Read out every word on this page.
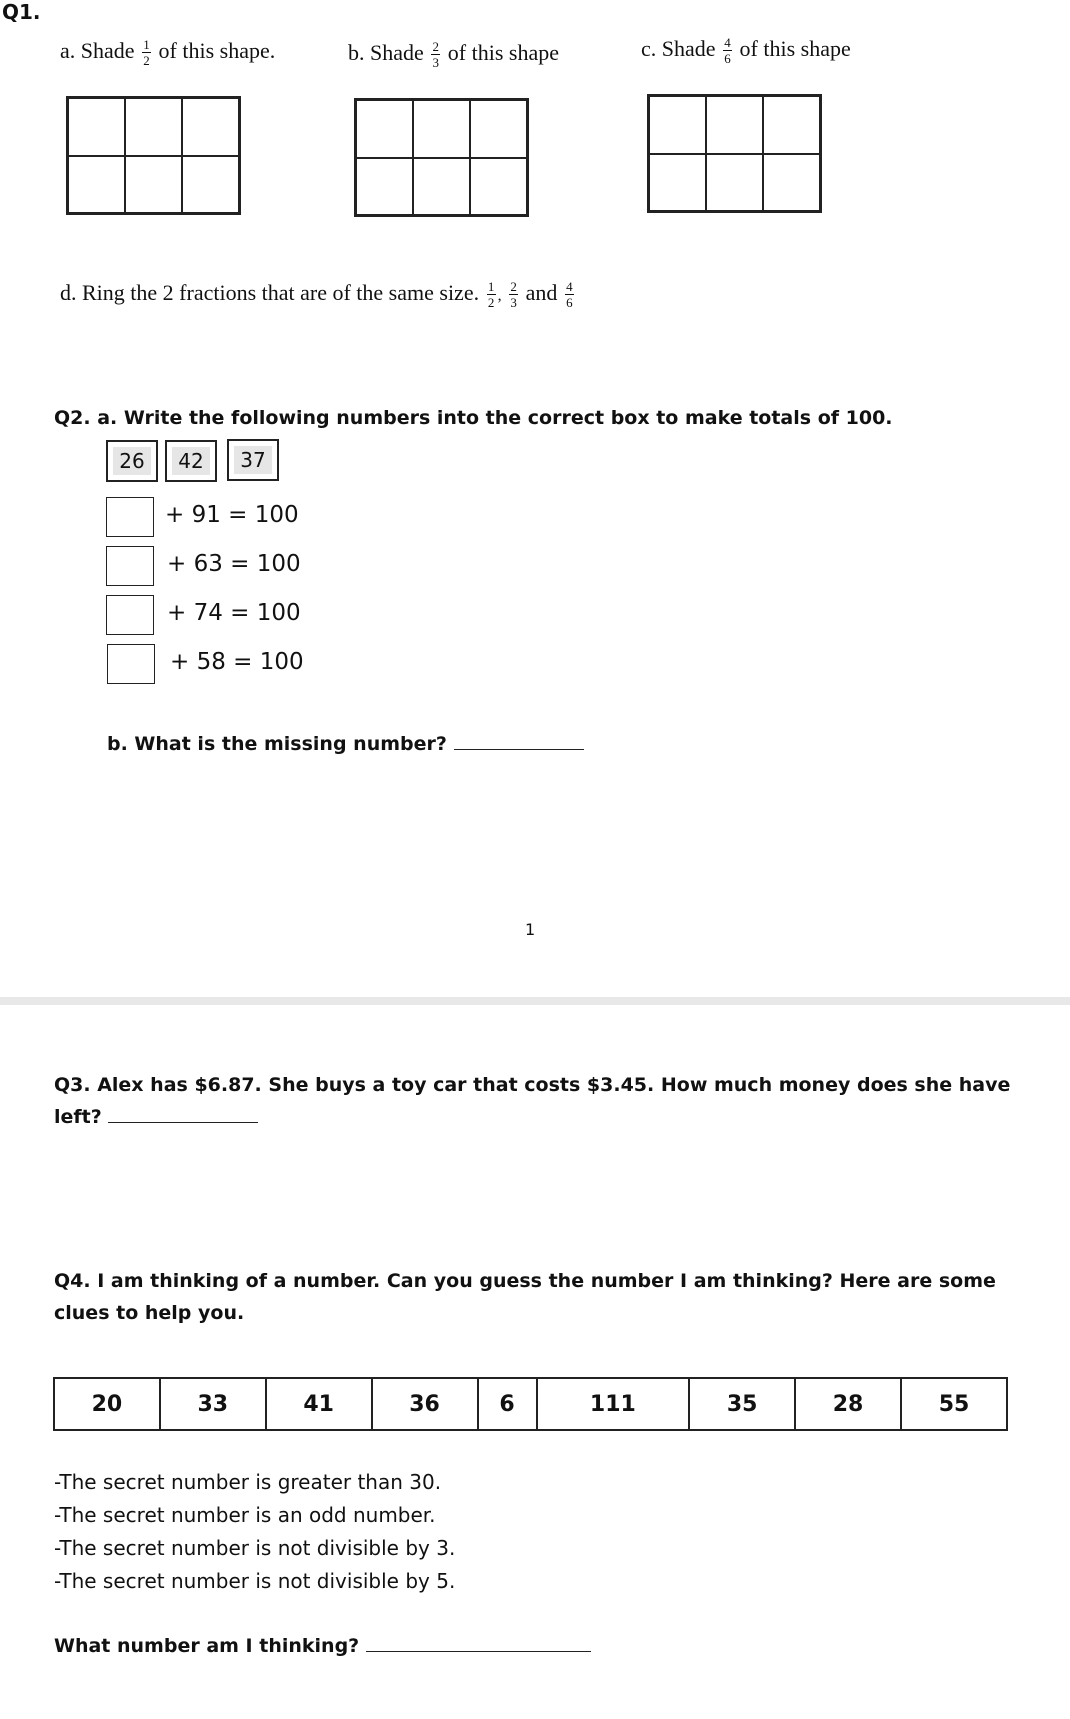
Q1.
a. Shade $\frac{1}{2}$ of this shape.	b. Shade $\frac{2}{3}$ of this shape	c. Shade $\frac{4}{6}$ of this shape
d. Ring the 2 fractions that are of the same size. $\frac{1}{2}$ , $\frac{2}{3}$ and $\frac{4}{6}$
Q2. a. Write the following numbers into the correct box to make totals of 100.
26	42	37
+ 91 = 100
+ 63 = 100
+ 74 = 100
+ 58 = 100
b. What is the missing number?
1
Q3. Alex has $6.87. She buys a toy car that costs $3.45. How much money does she have
left?
Q4. I am thinking of a number. Can you guess the number I am thinking? Here are some
clues to help you.
20	33	41	36	6	111	35	28	55
-The secret number is greater than 30.
-The secret number is an odd number.
-The secret number is not divisible by 3.
-The secret number is not divisible by 5.
What number am I thinking?
